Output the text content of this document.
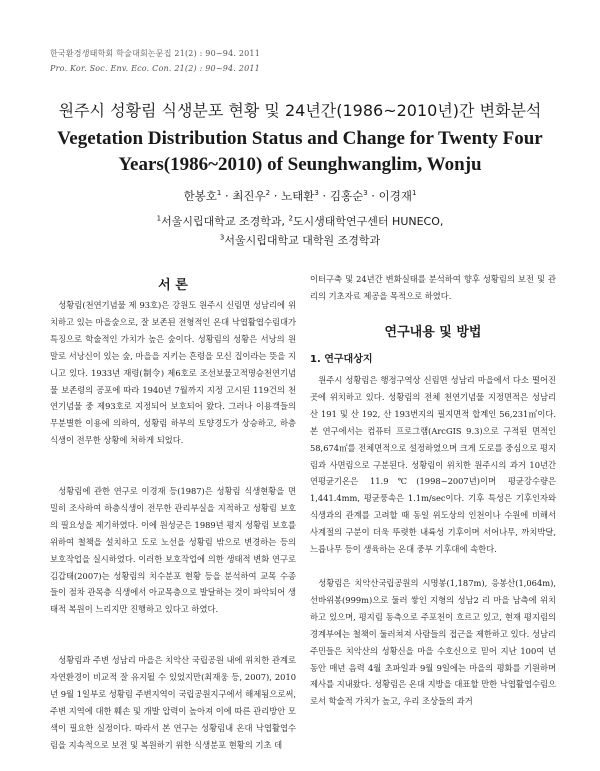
한국환경생태학회 학술대회논문집 21(2) : 90~94. 2011
Pro. Kor. Soc. Env. Eco. Con. 21(2) : 90~94. 2011
원주시 성황림 식생분포 현황 및 24년간(1986~2010년)간 변화분석
Vegetation Distribution Status and Change for Twenty Four Years(1986~2010) of Seunghwanglim, Wonju
한봉호$^1$ · 최진우$^2$ · 노태환$^3$ · 김홍순$^3$ · 이경재$^1$
$^1$서울시립대학교 조경학과, $^2$도시생태학연구센터 HUNECO,
$^3$서울시립대학교 대학원 조경학과
서 론
성황림(천연기념물 제 93호)은 강원도 원주시 신림면 성남리에 위치하고 있는 마을숲으로, 잘 보존된 전형적인 온대 낙엽활엽수림대가 특징으로 학술적인 가치가 높은 숲이다. 성황림의 성황은 서낭의 원말로 서낭신이 있는 숲, 마을을 지키는 흔령을 모신 집이라는 뜻을 지니고 있다. 1933년 재령(制令) 제6호로 조선보물고적명승천연기념물 보존령의 공포에 따라 1940년 7월까지 지정 고시된 119건의 천연기념물 중 제93호로 지정되어 보호되어 왔다. 그러나 이용객들의 무분별한 이용에 의하여, 성황림 하부의 토양경도가 상승하고, 하층식생이 전무한 상황에 처하게 되었다.
성황림에 관한 연구로 이경재 등(1987)은 성황림 식생현황을 면밀히 조사하여 하층식생이 전무한 관리부실을 지적하고 성황림 보호의 필요성을 제기하였다. 이에 원성군은 1989년 평지 성황림 보호를 위하여 철책을 설치하고 도로 노선을 성황림 밖으로 변경하는 등의 보호작업을 실시하였다. 이러한 보호작업에 의한 생태적 변화 연구로 김갑태(2007)는 성황림의 치수분포 현황 등을 분석하여 교목 수종들이 점차 관목층 식생에서 아교목층으로 발달하는 것이 파악되어 생태적 복원이 느리지만 진행하고 있다고 하였다.
성황림과 주변 성남리 마을은 치악산 국립공원 내에 위치한 관계로 자연환경이 비교적 잘 유지될 수 있었지만(최재웅 등, 2007), 2010년 9월 1일부로 성황림 주변지역이 국립공원지구에서 해제됨으로써, 주변 지역에 대한 훼손 및 개발 압력이 높아져 이에 따른 관리방안 모색이 필요한 실정이다. 따라서 본 연구는 성황림내 온대 낙엽활엽수림을 지속적으로 보전 및 복원하기 위한 식생분포 현황의 기초 데
이터구축 및 24년간 변화실태를 분석하여 향후 성황림의 보전 및 관리의 기초자료 제공을 목적으로 하였다.
연구내용 및 방법
1. 연구대상지
원주시 성황림은 행정구역상 신림면 성남리 마을에서 다소 떨어진 곳에 위치하고 있다. 성황림의 전체 천연기념물 지정면적은 성남리 산 191 및 산 192, 산 193번지의 필지면적 합계인 56,231㎡이다. 본 연구에서는 컴퓨터 프로그램(ArcGIS 9.3)으로 구적된 면적인 58,674㎡를 전체면적으로 설정하였으며 크게 도로를 중심으로 평지림과 사면림으로 구분된다. 성황림이 위치한 원주시의 과거 10년간 연평균기온은 11.9℃(1998~2007년)이며 평균강수량은 1,441.4mm, 평균풍속은 1.1m/sec이다. 기후 특성은 기후인자와 식생과의 관계를 고려할 때 동일 위도상의 인천이나 수원에 비해서 사계절의 구분이 더욱 뚜렷한 내륙성 기후이며 서어나무, 까치박달, 느릅나무 등이 생육하는 온대 중부 기후대에 속한다.
성황림은 치악산국립공원의 시명봉(1,187m), 응봉산(1,064m), 선바위봉(999m)으로 둘러 쌓인 지형의 성남2 리 마을 남측에 위치하고 있으며, 평지림 동측으로 주포천이 흐르고 있고, 현재 평지림의 경계부에는 철책이 둘러쳐져 사람들의 접근을 제한하고 있다. 성남리 주민들은 치악산의 성황신을 마을 수호신으로 믿어 지난 100여 년 동안 매년 음력 4월 초파일과 9월 9일에는 마을의 평화를 기원하며 제사를 지내왔다. 성황림은 온대 지방을 대표할 만한 낙엽활엽수림으로서 학술적 가치가 높고, 우리 조상들의 과거
